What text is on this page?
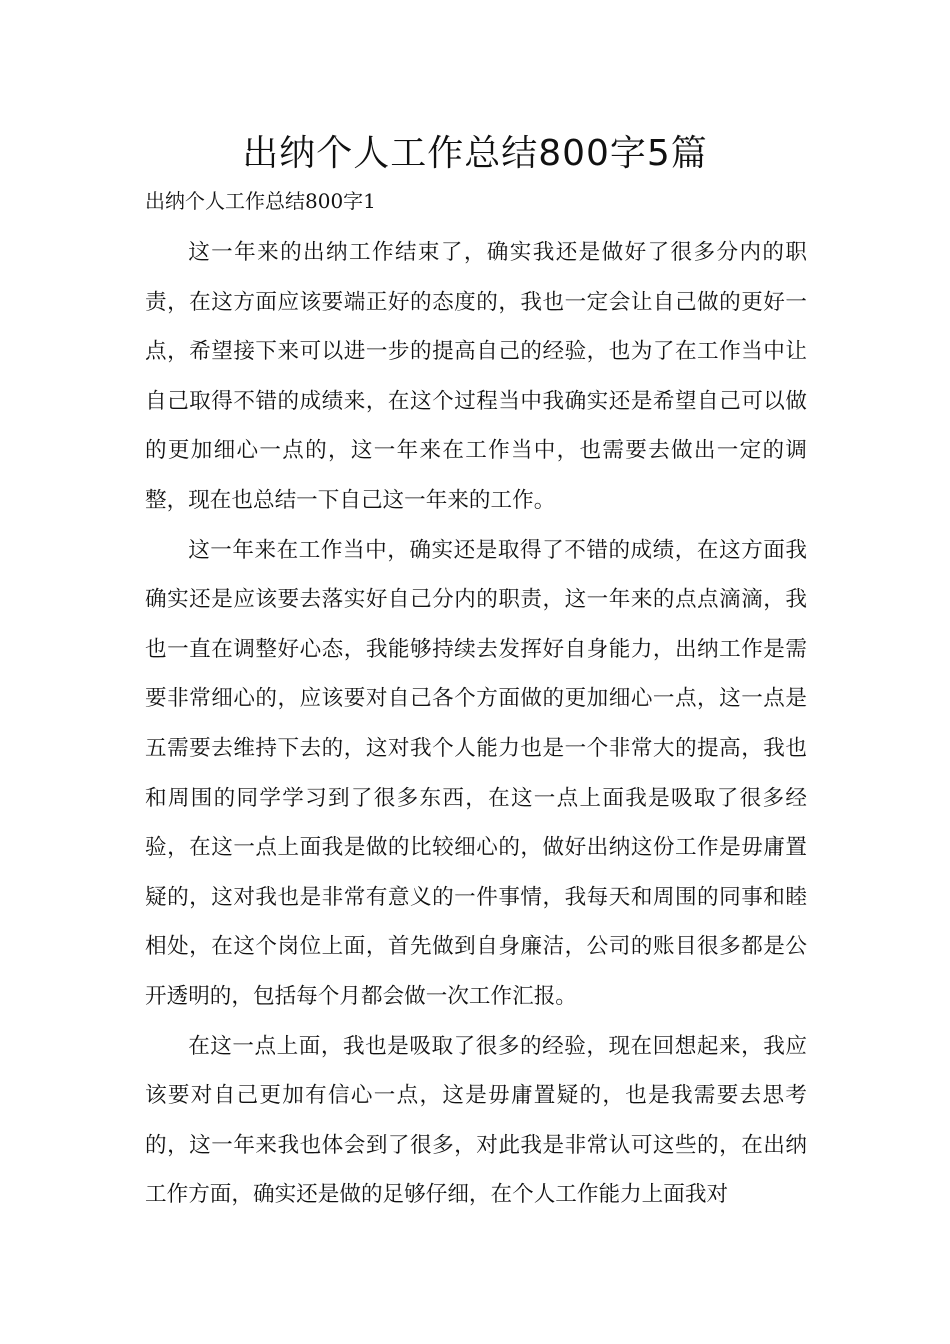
出纳个人工作总结800字5篇
出纳个人工作总结800字1

这一年来的出纳工作结束了，确实我还是做好了很多分内的职责，在这方面应该要端正好的态度的，我也一定会让自己做的更好一点，希望接下来可以进一步的提高自己的经验，也为了在工作当中让自己取得不错的成绩来，在这个过程当中我确实还是希望自己可以做的更加细心一点的，这一年来在工作当中，也需要去做出一定的调整，现在也总结一下自己这一年来的工作。

这一年来在工作当中，确实还是取得了不错的成绩，在这方面我确实还是应该要去落实好自己分内的职责，这一年来的点点滴滴，我也一直在调整好心态，我能够持续去发挥好自身能力，出纳工作是需要非常细心的，应该要对自己各个方面做的更加细心一点，这一点是五需要去维持下去的，这对我个人能力也是一个非常大的提高，我也和周围的同学学习到了很多东西，在这一点上面我是吸取了很多经验，在这一点上面我是做的比较细心的，做好出纳这份工作是毋庸置疑的，这对我也是非常有意义的一件事情，我每天和周围的同事和睦相处，在这个岗位上面，首先做到自身廉洁，公司的账目很多都是公开透明的，包括每个月都会做一次工作汇报。

在这一点上面，我也是吸取了很多的经验，现在回想起来，我应该要对自己更加有信心一点，这是毋庸置疑的，也是我需要去思考的，这一年来我也体会到了很多，对此我是非常认可这些的，在出纳工作方面，确实还是做的足够仔细，在个人工作能力上面我对
